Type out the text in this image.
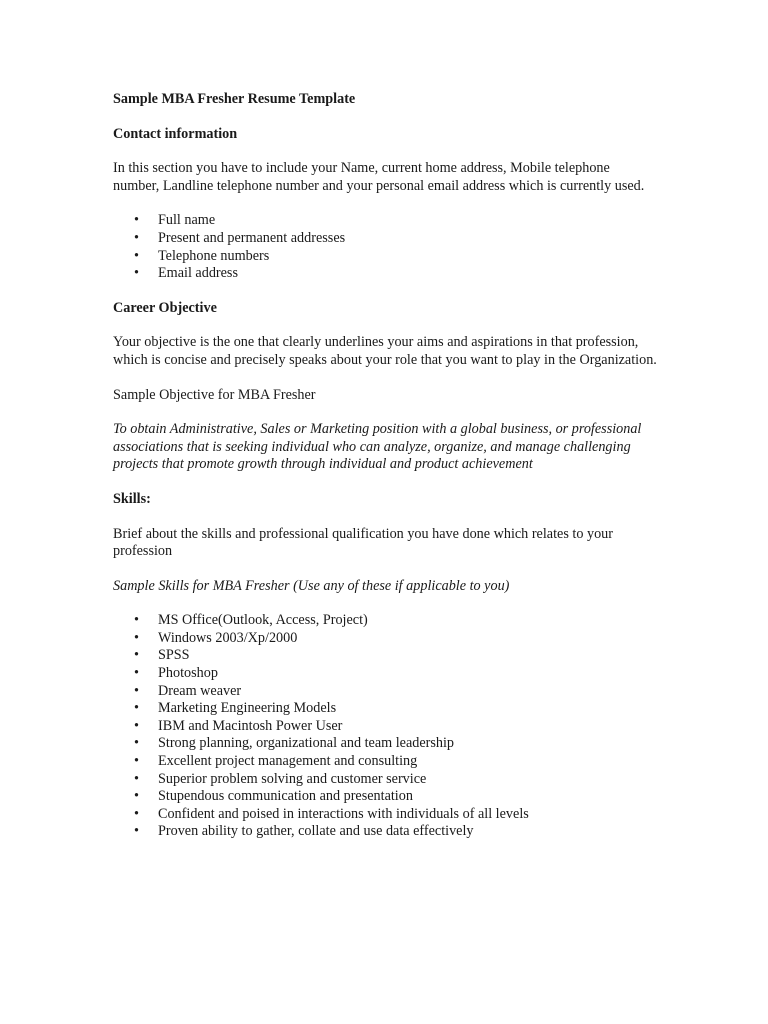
Sample MBA Fresher Resume Template

Contact information

In this section you have to include your Name, current home address, Mobile telephone number, Landline telephone number and your personal email address which is currently used.

• Full name
• Present and permanent addresses
• Telephone numbers
• Email address

Career Objective

Your objective is the one that clearly underlines your aims and aspirations in that profession, which is concise and precisely speaks about your role that you want to play in the Organization.

Sample Objective for MBA Fresher

To obtain Administrative, Sales or Marketing position with a global business, or professional associations that is seeking individual who can analyze, organize, and manage challenging projects that promote growth through individual and product achievement

Skills:

Brief about the skills and professional qualification you have done which relates to your profession

Sample Skills for MBA Fresher (Use any of these if applicable to you)

• MS Office(Outlook, Access, Project)
• Windows 2003/Xp/2000
• SPSS
• Photoshop
• Dream weaver
• Marketing Engineering Models
• IBM and Macintosh Power User
• Strong planning, organizational and team leadership
• Excellent project management and consulting
• Superior problem solving and customer service
• Stupendous communication and presentation
• Confident and poised in interactions with individuals of all levels
• Proven ability to gather, collate and use data effectively
